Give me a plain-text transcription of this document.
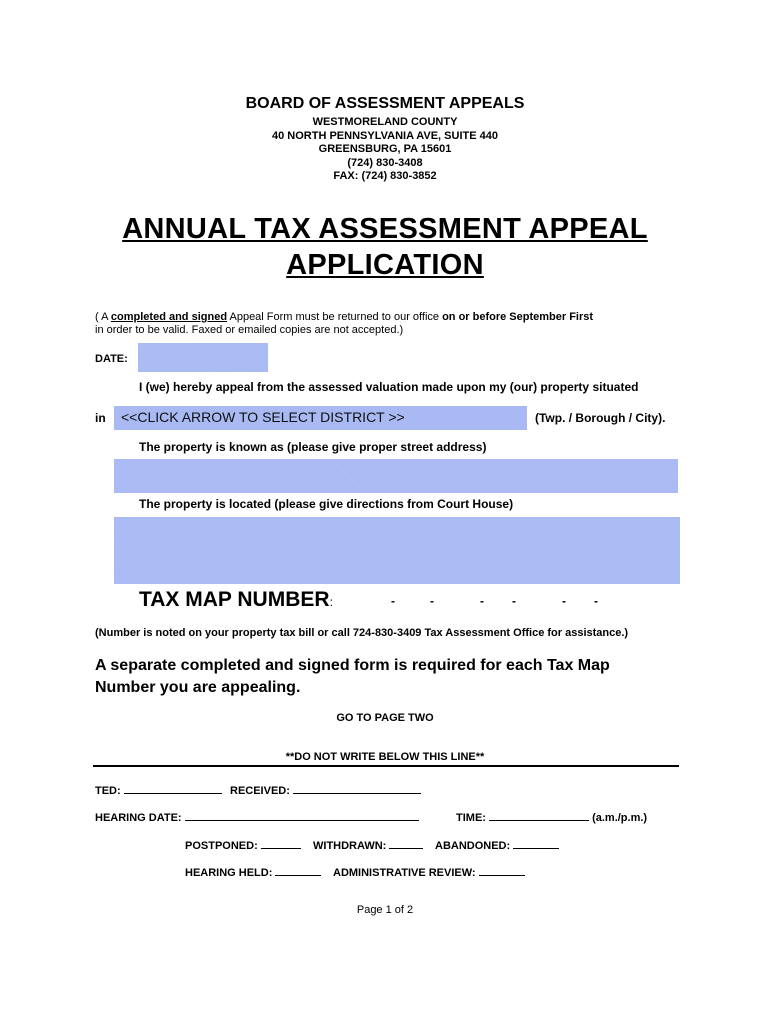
BOARD OF ASSESSMENT APPEALS
WESTMORELAND COUNTY
40 NORTH PENNSYLVANIA AVE, SUITE 440
GREENSBURG, PA 15601
(724) 830-3408
FAX: (724) 830-3852
ANNUAL TAX ASSESSMENT APPEAL
APPLICATION
( A completed and signed Appeal Form must be returned to our office on or before September First
in order to be valid. Faxed or emailed copies are not accepted.)
DATE:
I (we) hereby appeal from the assessed valuation made upon my (our) property situated
in	<<CLICK ARROW TO SELECT DISTRICT >>	(Twp. / Borough / City).
The property is known as (please give proper street address)
The property is located (please give directions from Court House)
TAX MAP NUMBER:	-	-	- -	- -
(Number is noted on your property tax bill or call 724-830-3409 Tax Assessment Office for assistance.)
A separate completed and signed form is required for each Tax Map
Number you are appealing.
GO TO PAGE TWO
**DO NOT WRITE BELOW THIS LINE**
TED:	RECEIVED:
HEARING DATE:	TIME:	(a.m./p.m.)
POSTPONED:	WITHDRAWN:	ABANDONED:
HEARING HELD:	ADMINISTRATIVE REVIEW:
Page 1 of 2
